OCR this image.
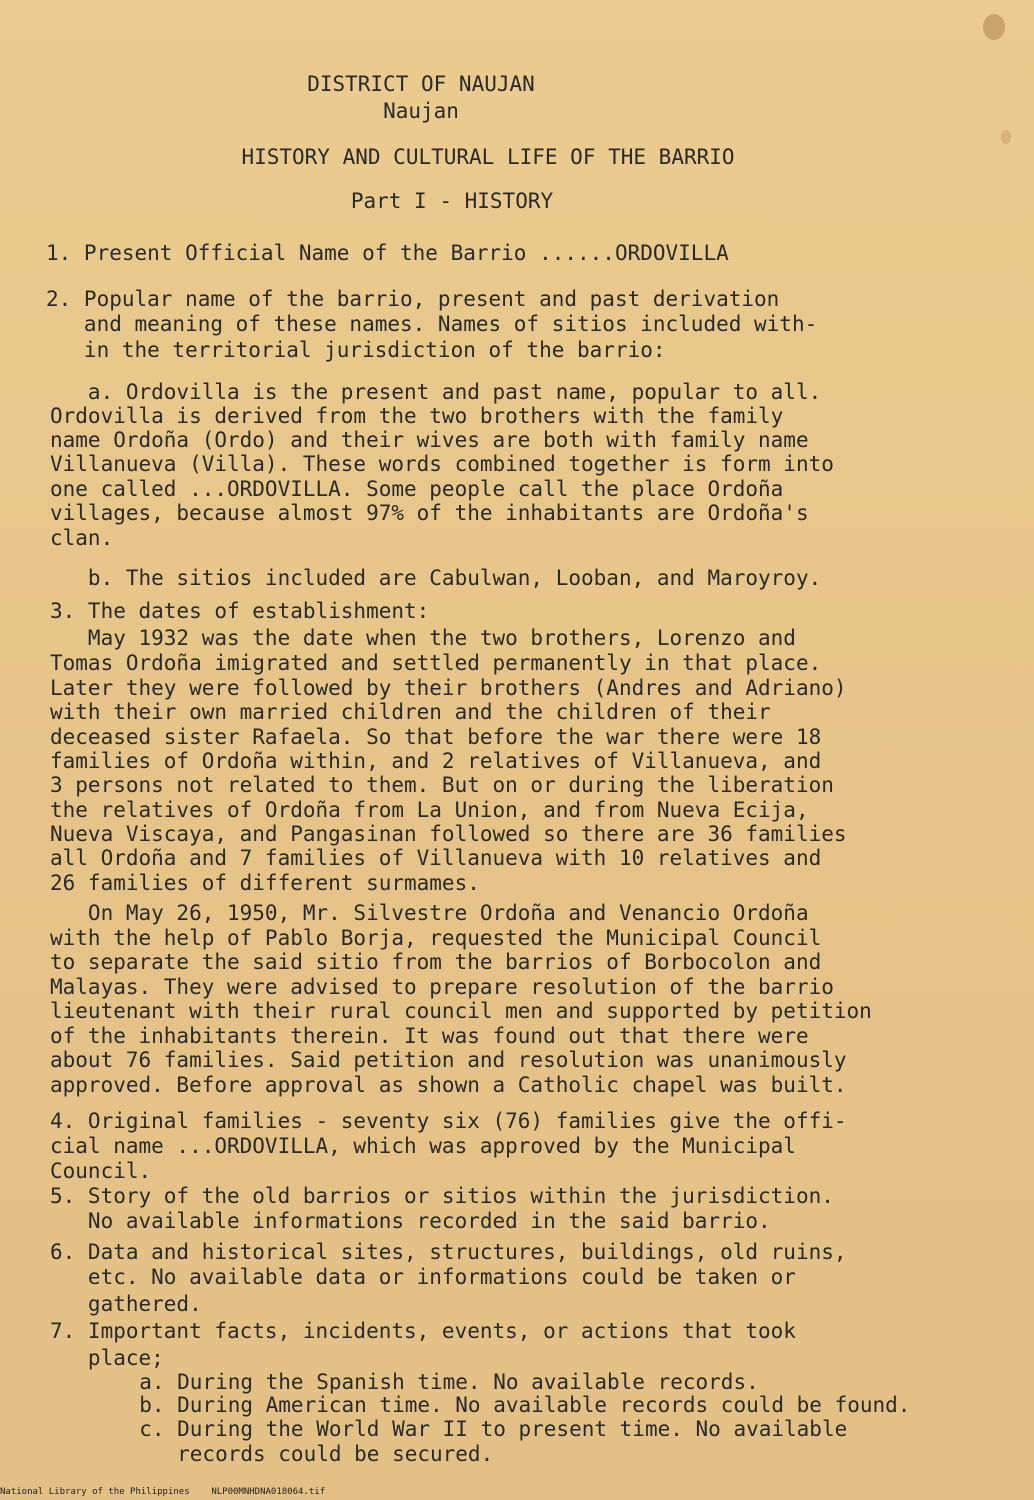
DISTRICT OF NAUJAN

Naujan

HISTORY AND CULTURAL LIFE OF THE BARRIO

Part I - HISTORY

1. Present Official Name of the Barrio ......ORDOVILLA

2. Popular name of the barrio, present and past derivation

and meaning of these names. Names of sitios included with-

in the territorial jurisdiction of the barrio:

a. Ordovilla is the present and past name, popular to all.

Ordovilla is derived from the two brothers with the family

name Ordoña (Ordo) and their wives are both with family name

Villanueva (Villa). These words combined together is form into

one called ...ORDOVILLA. Some people call the place Ordoña

villages, because almost 97% of the inhabitants are Ordoña's

clan.

b. The sitios included are Cabulwan, Looban, and Maroyroy.

3. The dates of establishment:

May 1932 was the date when the two brothers, Lorenzo and

Tomas Ordoña imigrated and settled permanently in that place.

Later they were followed by their brothers (Andres and Adriano)

with their own married children and the children of their

deceased sister Rafaela. So that before the war there were 18

families of Ordoña within, and 2 relatives of Villanueva, and

3 persons not related to them. But on or during the liberation

the relatives of Ordoña from La Union, and from Nueva Ecija,

Nueva Viscaya, and Pangasinan followed so there are 36 families

all Ordoña and 7 families of Villanueva with 10 relatives and

26 families of different surmames.

On May 26, 1950, Mr. Silvestre Ordoña and Venancio Ordoña

with the help of Pablo Borja, requested the Municipal Council

to separate the said sitio from the barrios of Borbocolon and

Malayas. They were advised to prepare resolution of the barrio

lieutenant with their rural council men and supported by petition

of the inhabitants therein. It was found out that there were

about 76 families. Said petition and resolution was unanimously

approved. Before approval as shown a Catholic chapel was built.

4. Original families - seventy six (76) families give the offi-

cial name ...ORDOVILLA, which was approved by the Municipal

Council.

5. Story of the old barrios or sitios within the jurisdiction.

No available informations recorded in the said barrio.

6. Data and historical sites, structures, buildings, old ruins,

etc. No available data or informations could be taken or

gathered.

7. Important facts, incidents, events, or actions that took

place;

a. During the Spanish time. No available records.

b. During American time. No available records could be found.

c. During the World War II to present time. No available

records could be secured.

National Library of the Philippines    NLP00MNHDNA018064.tif
